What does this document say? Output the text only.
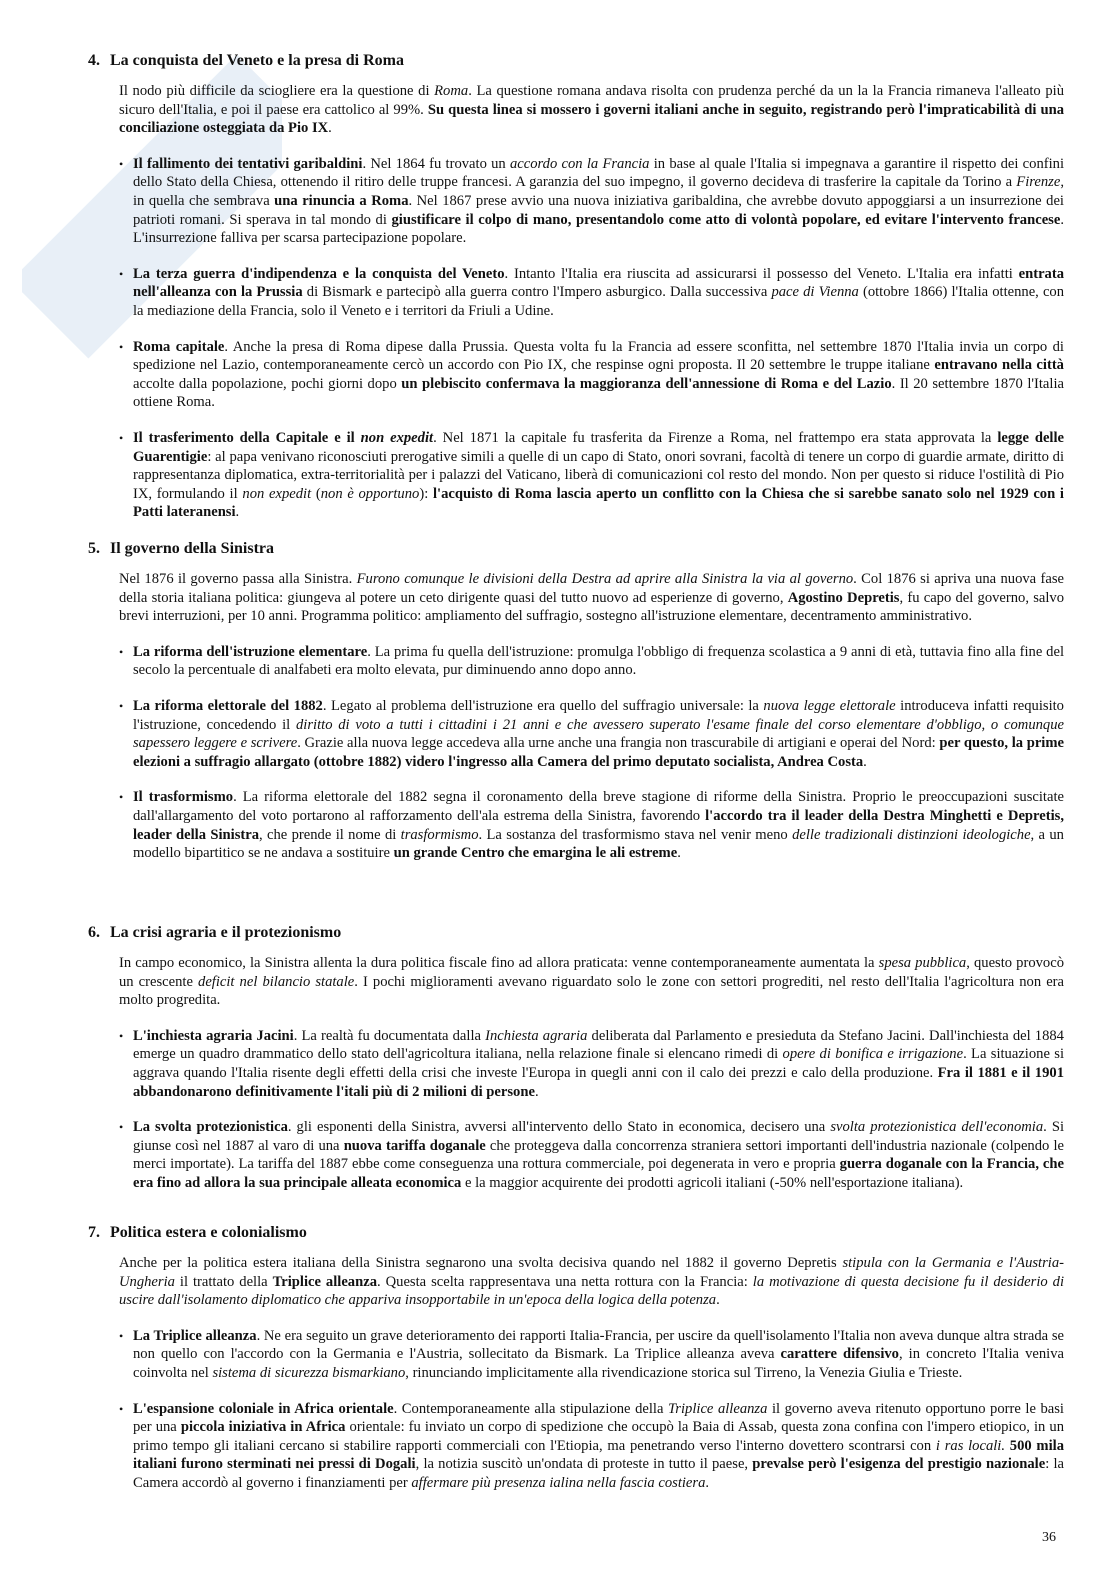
4. La conquista del Veneto e la presa di Roma

Il nodo più difficile da sciogliere era la questione di Roma. La questione romana andava risolta con prudenza perché da un la la Francia rimaneva l'alleato più sicuro dell'Italia, e poi il paese era cattolico al 99%. Su questa linea si mossero i governi italiani anche in seguito, registrando però l'impraticabilità di una conciliazione osteggiata da Pio IX.

• Il fallimento dei tentativi garibaldini. Nel 1864 fu trovato un accordo con la Francia in base al quale l'Italia si impegnava a garantire il rispetto dei confini dello Stato della Chiesa, ottenendo il ritiro delle truppe francesi. A garanzia del suo impegno, il governo decideva di trasferire la capitale da Torino a Firenze, in quella che sembrava una rinuncia a Roma. Nel 1867 prese avvio una nuova iniziativa garibaldina, che avrebbe dovuto appoggiarsi a un insurrezione dei patrioti romani. Si sperava in tal mondo di giustificare il colpo di mano, presentandolo come atto di volontà popolare, ed evitare l'intervento francese. L'insurrezione falliva per scarsa partecipazione popolare.
• La terza guerra d'indipendenza e la conquista del Veneto. Intanto l'Italia era riuscita ad assicurarsi il possesso del Veneto. L'Italia era infatti entrata nell'alleanza con la Prussia di Bismark e partecipò alla guerra contro l'Impero asburgico. Dalla successiva pace di Vienna (ottobre 1866) l'Italia ottenne, con la mediazione della Francia, solo il Veneto e i territori da Friuli a Udine.
• Roma capitale. Anche la presa di Roma dipese dalla Prussia. Questa volta fu la Francia ad essere sconfitta, nel settembre 1870 l'Italia invia un corpo di spedizione nel Lazio, contemporaneamente cercò un accordo con Pio IX, che respinse ogni proposta. Il 20 settembre le truppe italiane entravano nella città accolte dalla popolazione, pochi giorni dopo un plebiscito confermava la maggioranza dell'annessione di Roma e del Lazio. Il 20 settembre 1870 l'Italia ottiene Roma.
• Il trasferimento della Capitale e il non expedit. Nel 1871 la capitale fu trasferita da Firenze a Roma, nel frattempo era stata approvata la legge delle Guarentigie: al papa venivano riconosciuti prerogative simili a quelle di un capo di Stato, onori sovrani, facoltà di tenere un corpo di guardie armate, diritto di rappresentanza diplomatica, extra-territorialità per i palazzi del Vaticano, liberà di comunicazioni col resto del mondo. Non per questo si riduce l'ostilità di Pio IX, formulando il non expedit (non è opportuno): l'acquisto di Roma lascia aperto un conflitto con la Chiesa che si sarebbe sanato solo nel 1929 con i Patti lateranensi.
5. Il governo della Sinistra

Nel 1876 il governo passa alla Sinistra. Furono comunque le divisioni della Destra ad aprire alla Sinistra la via al governo. Col 1876 si apriva una nuova fase della storia italiana politica: giungeva al potere un ceto dirigente quasi del tutto nuovo ad esperienze di governo, Agostino Depretis, fu capo del governo, salvo brevi interruzioni, per 10 anni. Programma politico: ampliamento del suffragio, sostegno all'istruzione elementare, decentramento amministrativo.

• La riforma dell'istruzione elementare. La prima fu quella dell'istruzione: promulga l'obbligo di frequenza scolastica a 9 anni di età, tuttavia fino alla fine del secolo la percentuale di analfabeti era molto elevata, pur diminuendo anno dopo anno.
• La riforma elettorale del 1882. Legato al problema dell'istruzione era quello del suffragio universale: la nuova legge elettorale introduceva infatti requisito l'istruzione, concedendo il diritto di voto a tutti i cittadini i 21 anni e che avessero superato l'esame finale del corso elementare d'obbligo, o comunque sapessero leggere e scrivere. Grazie alla nuova legge accedeva alla urne anche una frangia non trascurabile di artigiani e operai del Nord: per questo, la prime elezioni a suffragio allargato (ottobre 1882) videro l'ingresso alla Camera del primo deputato socialista, Andrea Costa.
• Il trasformismo. La riforma elettorale del 1882 segna il coronamento della breve stagione di riforme della Sinistra. Proprio le preoccupazioni suscitate dall'allargamento del voto portarono al rafforzamento dell'ala estrema della Sinistra, favorendo l'accordo tra il leader della Destra Minghetti e Depretis, leader della Sinistra, che prende il nome di trasformismo. La sostanza del trasformismo stava nel venir meno delle tradizionali distinzioni ideologiche, a un modello bipartitico se ne andava a sostituire un grande Centro che emargina le ali estreme.
6. La crisi agraria e il protezionismo

In campo economico, la Sinistra allenta la dura politica fiscale fino ad allora praticata: venne contemporaneamente aumentata la spesa pubblica, questo provocò un crescente deficit nel bilancio statale. I pochi miglioramenti avevano riguardato solo le zone con settori progrediti, nel resto dell'Italia l'agricoltura non era molto progredita.

• L'inchiesta agraria Jacini. La realtà fu documentata dalla Inchiesta agraria deliberata dal Parlamento e presieduta da Stefano Jacini. Dall'inchiesta del 1884 emerge un quadro drammatico dello stato dell'agricoltura italiana, nella relazione finale si elencano rimedi di opere di bonifica e irrigazione. La situazione si aggrava quando l'Italia risente degli effetti della crisi che investe l'Europa in quegli anni con il calo dei prezzi e calo della produzione. Fra il 1881 e il 1901 abbandonarono definitivamente l'itali più di 2 milioni di persone.
• La svolta protezionistica. gli esponenti della Sinistra, avversi all'intervento dello Stato in economica, decisero una svolta protezionistica dell'economia. Si giunse così nel 1887 al varo di una nuova tariffa doganale che proteggeva dalla concorrenza straniera settori importanti dell'industria nazionale (colpendo le merci importate). La tariffa del 1887 ebbe come conseguenza una rottura commerciale, poi degenerata in vero e propria guerra doganale con la Francia, che era fino ad allora la sua principale alleata economica e la maggior acquirente dei prodotti agricoli italiani (-50% nell'esportazione italiana).
7. Politica estera e colonialismo

Anche per la politica estera italiana della Sinistra segnarono una svolta decisiva quando nel 1882 il governo Depretis stipula con la Germania e l'Austria-Ungheria il trattato della Triplice alleanza. Questa scelta rappresentava una netta rottura con la Francia: la motivazione di questa decisione fu il desiderio di uscire dall'isolamento diplomatico che appariva insopportabile in un'epoca della logica della potenza.

• La Triplice alleanza. Ne era seguito un grave deterioramento dei rapporti Italia-Francia, per uscire da quell'isolamento l'Italia non aveva dunque altra strada se non quello con l'accordo con la Germania e l'Austria, sollecitato da Bismark. La Triplice alleanza aveva carattere difensivo, in concreto l'Italia veniva coinvolta nel sistema di sicurezza bismarkiano, rinunciando implicitamente alla rivendicazione storica sul Tirreno, la Venezia Giulia e Trieste.
• L'espansione coloniale in Africa orientale. Contemporaneamente alla stipulazione della Triplice alleanza il governo aveva ritenuto opportuno porre le basi per una piccola iniziativa in Africa orientale: fu inviato un corpo di spedizione che occupò la Baia di Assab, questa zona confina con l'impero etiopico, in un primo tempo gli italiani cercano si stabilire rapporti commerciali con l'Etiopia, ma penetrando verso l'interno dovettero scontrarsi con i ras locali. 500 mila italiani furono sterminati nei pressi di Dogali, la notizia suscitò un'ondata di proteste in tutto il paese, prevalse però l'esigenza del prestigio nazionale: la Camera accordò al governo i finanziamenti per affermare più presenza ialina nella fascia costiera.
36
